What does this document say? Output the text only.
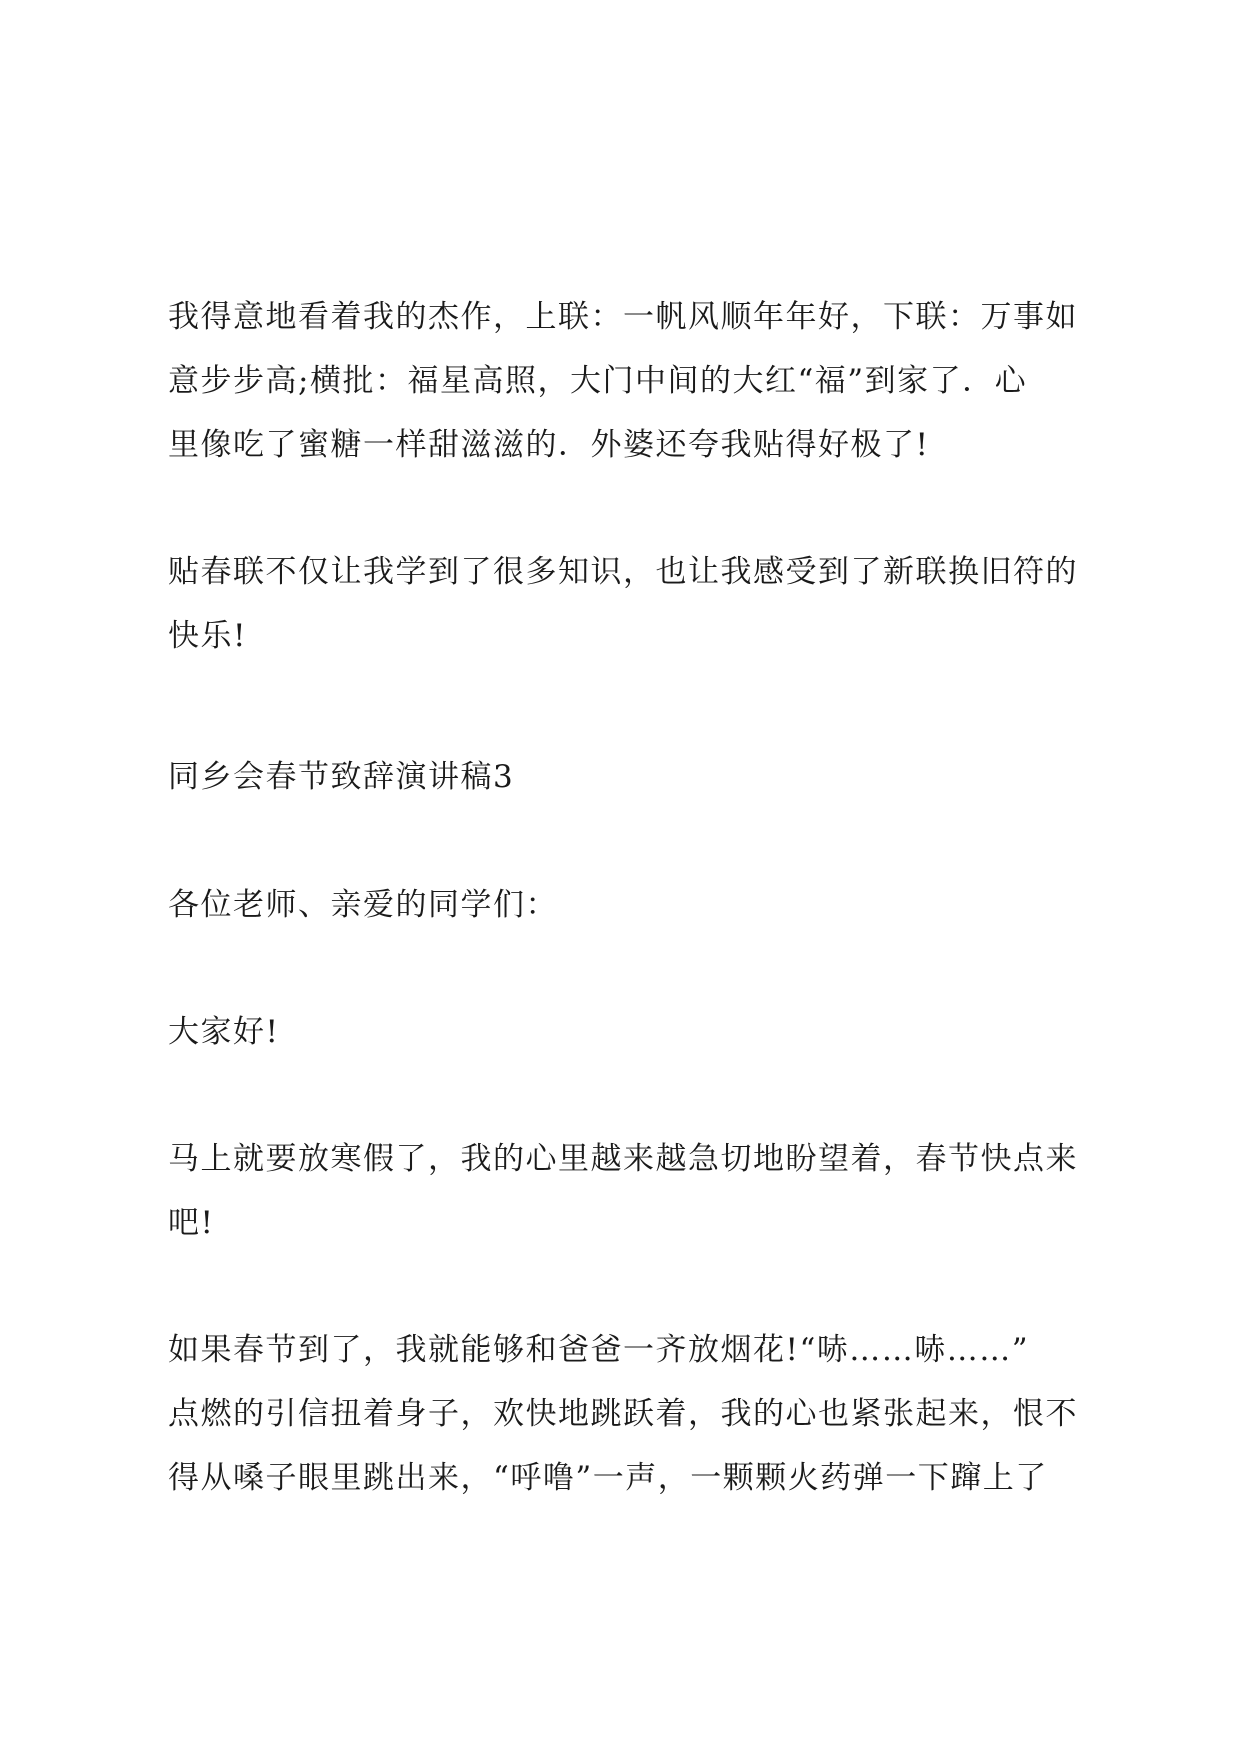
我得意地看着我的杰作，上联：一帆风顺年年好，下联：万事如
意步步高;横批：福星高照，大门中间的大红“福”到家了．心
里像吃了蜜糖一样甜滋滋的．外婆还夸我贴得好极了!

贴春联不仅让我学到了很多知识，也让我感受到了新联换旧符的
快乐!

同乡会春节致辞演讲稿3

各位老师、亲爱的同学们：

大家好!

马上就要放寒假了，我的心里越来越急切地盼望着，春节快点来
吧!

如果春节到了，我就能够和爸爸一齐放烟花!“哧……哧……”
点燃的引信扭着身子，欢快地跳跃着，我的心也紧张起来，恨不
得从嗓子眼里跳出来，“呼噜”一声，一颗颗火药弹一下蹿上了
